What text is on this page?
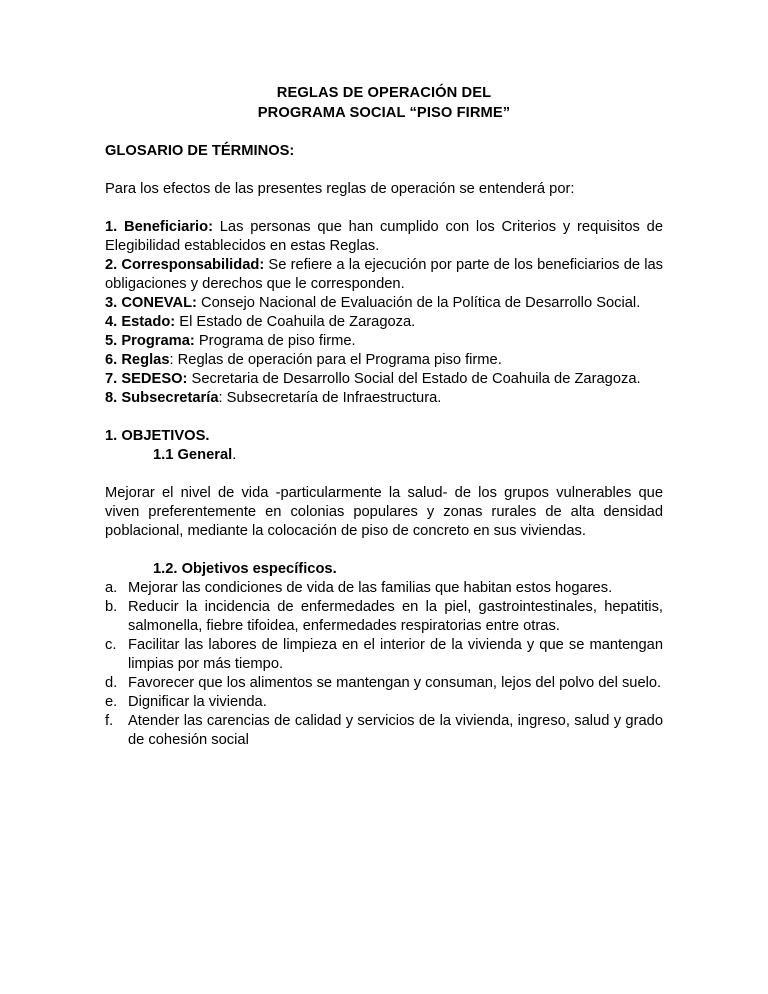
REGLAS DE OPERACIÓN DEL
PROGRAMA SOCIAL “PISO FIRME”

GLOSARIO DE TÉRMINOS:

Para los efectos de las presentes reglas de operación se entenderá por:

1. Beneficiario: Las personas que han cumplido con los Criterios y requisitos de Elegibilidad establecidos en estas Reglas.
2. Corresponsabilidad: Se refiere a la ejecución por parte de los beneficiarios de las obligaciones y derechos que le corresponden.
3. CONEVAL: Consejo Nacional de Evaluación de la Política de Desarrollo Social.
4. Estado: El Estado de Coahuila de Zaragoza.
5. Programa: Programa de piso firme.
6. Reglas: Reglas de operación para el Programa piso firme.
7. SEDESO: Secretaria de Desarrollo Social del Estado de Coahuila de Zaragoza.
8. Subsecretaría: Subsecretaría de Infraestructura.

1. OBJETIVOS.

1.1 General.

Mejorar el nivel de vida -particularmente la salud- de los grupos vulnerables que viven preferentemente en colonias populares y zonas rurales de alta densidad poblacional, mediante la colocación de piso de concreto en sus viviendas.

1.2. Objetivos específicos.

a. Mejorar las condiciones de vida de las familias que habitan estos hogares.
b. Reducir la incidencia de enfermedades en la piel, gastrointestinales, hepatitis, salmonella, fiebre tifoidea, enfermedades respiratorias entre otras.
c. Facilitar las labores de limpieza en el interior de la vivienda y que se mantengan limpias por más tiempo.
d. Favorecer que los alimentos se mantengan y consuman, lejos del polvo del suelo.
e. Dignificar la vivienda.
f.	Atender las carencias de calidad y servicios de la vivienda, ingreso, salud y grado de cohesión social
